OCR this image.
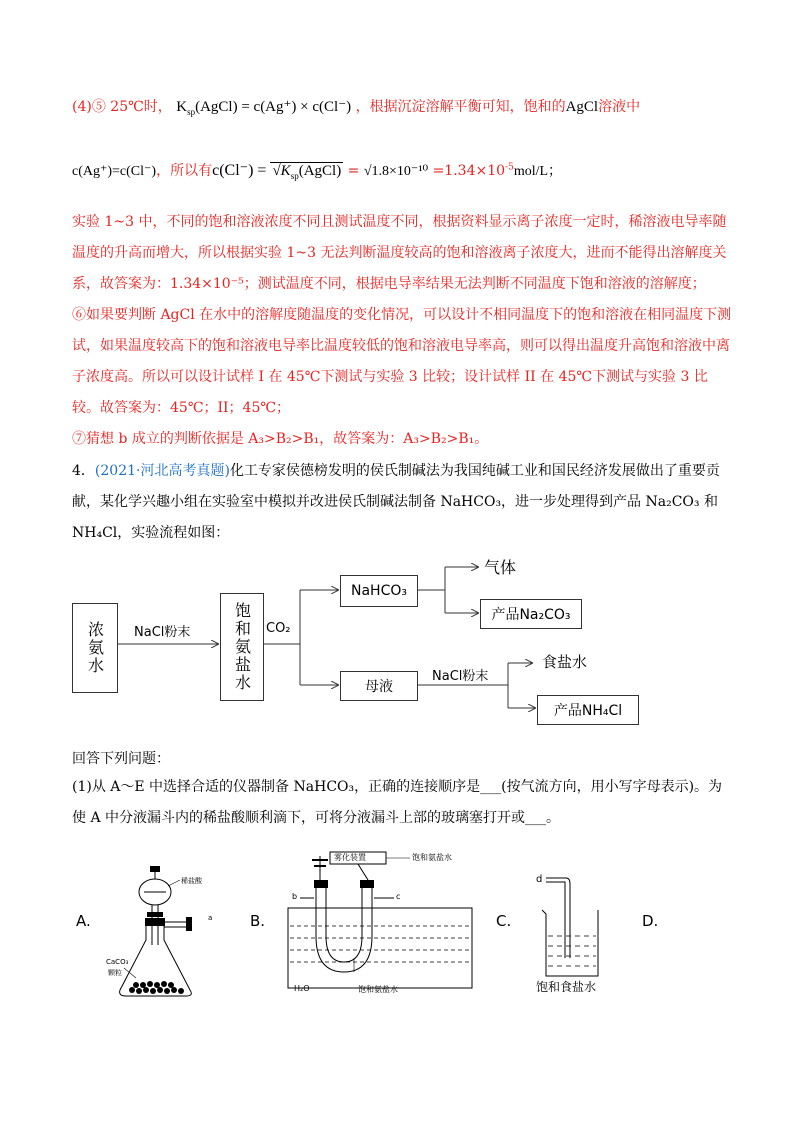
(4)⑤ 25℃时， $K_{sp}(AgCl) = c(Ag^+) \times c(Cl^-)$ ，根据沉淀溶解平衡可知，饱和的AgCl溶液中
c(Ag⁺)=c(Cl⁻)，所以有$c(Cl^-) = √K_{sp}(AgCl) = √1.8\times 10^{-10} =1.34\times 10^{-5}mol/L$；

实验 1~3 中，不同的饱和溶液浓度不同且测试温度不同，根据资料显示离子浓度一定时，稀溶液电导率随温度的升高而增大，所以根据实验 1~3 无法判断温度较高的饱和溶液离子浓度大，进而不能得出溶解度关系，故答案为：1.34×10⁻⁵；测试温度不同，根据电导率结果无法判断不同温度下饱和溶液的溶解度；

⑥如果要判断 AgCl 在水中的溶解度随温度的变化情况，可以设计不相同温度下的饱和溶液在相同温度下测试，如果温度较高下的饱和溶液电导率比温度较低的饱和溶液电导率高，则可以得出温度升高饱和溶液中离子浓度高。所以可以设计试样 I 在 45℃下测试与实验 3 比较；设计试样 II 在 45℃下测试与实验 3 比较。故答案为：45℃；II；45℃；

⑦猜想 b 成立的判断依据是 A₃>B₂>B₁，故答案为：A₃>B₂>B₁。

4．(2021·河北高考真题)化工专家侯德榜发明的侯氏制碱法为我国纯碱工业和国民经济发展做出了重要贡献，某化学兴趣小组在实验室中模拟并改进侯氏制碱法制备 NaHCO₃，进一步处理得到产品 Na₂CO₃ 和 NH₄Cl，实验流程如图：

浓氨水	NaCl粉末	饱和氨盐水	CO₂
NaHCO₃
气体
产品Na₂CO₃
母液
NaCl粉末
食盐水
产品NH₄Cl

回答下列问题：

(1)从 A～E 中选择合适的仪器制备 NaHCO₃，正确的连接顺序是___(按气流方向，用小写字母表示)。为使 A 中分液漏斗内的稀盐酸顺利滴下，可将分液漏斗上部的玻璃塞打开或___。

A.
稀盐酸
CaCO₃
颗粒
a	B.
雾化装置	饱和氨盐水
b	c
H₂O	饱和氨盐水
C.
d
饱和食盐水
D.
